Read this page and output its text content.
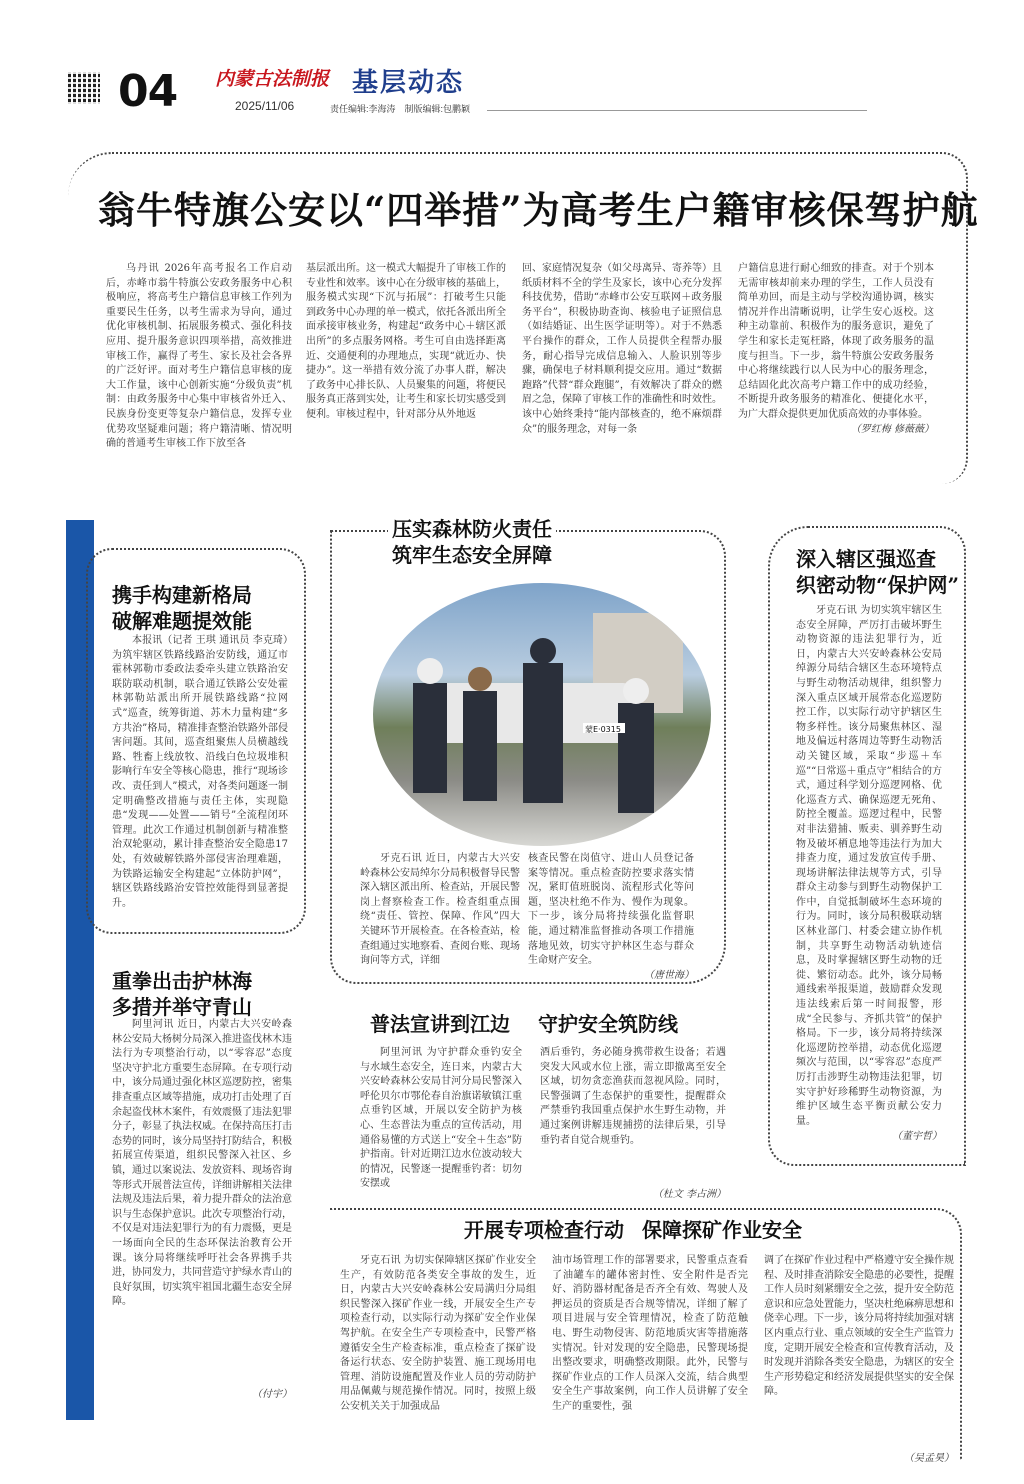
04 内蒙古法制报
2025/11/06
基层动态
责任编辑:李海涛　制版编辑:包鹏颖
翁牛特旗公安以“四举措”为高考生户籍审核保驾护航

乌丹讯 2026年高考报名工作启动后，赤峰市翁牛特旗公安政务服务中心积极响应，将高考生户籍信息审核工作列为重要民生任务，以考生需求为导向，通过优化审核机制、拓展服务模式、强化科技应用、提升服务意识四项举措，高效推进审核工作，赢得了考生、家长及社会各界的广泛好评。面对考生户籍信息审核的庞大工作量，该中心创新实施“分级负责”机制：由政务服务中心集中审核省外迁入、民族身份变更等复杂户籍信息，发挥专业优势攻坚疑难问题；将户籍清晰、情况明确的普通考生审核工作下放至各

基层派出所。这一模式大幅提升了审核工作的专业性和效率。该中心在分级审核的基础上，服务模式实现“下沉与拓展”：打破考生只能到政务中心办理的单一模式，依托各派出所全面承接审核业务，构建起“政务中心＋辖区派出所”的多点服务网格。考生可自由选择距离近、交通便利的办理地点，实现“就近办、快捷办”。这一举措有效分流了办事人群，解决了政务中心排长队、人员聚集的问题，将便民服务真正落到实处，让考生和家长切实感受到便利。审核过程中，针对部分从外地返

回、家庭情况复杂（如父母离异、寄养等）且纸质材料不全的学生及家长，该中心充分发挥科技优势，借助“赤峰市公安互联网＋政务服务平台”，积极协助查询、核验电子证照信息（如结婚证、出生医学证明等）。对于不熟悉平台操作的群众，工作人员提供全程帮办服务，耐心指导完成信息输入、人脸识别等步骤，确保电子材料顺利提交应用。通过“数据跑路”代替“群众跑腿”，有效解决了群众的燃眉之急，保障了审核工作的准确性和时效性。该中心始终秉持“能内部核查的，绝不麻烦群众”的服务理念，对每一条

户籍信息进行耐心细致的排查。对于个别本无需审核却前来办理的学生，工作人员没有简单劝回，而是主动与学校沟通协调，核实情况并作出清晰说明，让学生安心返校。这种主动靠前、积极作为的服务意识，避免了学生和家长走冤枉路，体现了政务服务的温度与担当。下一步，翁牛特旗公安政务服务中心将继续践行以人民为中心的服务理念，总结固化此次高考户籍工作中的成功经验，不断提升政务服务的精准化、便捷化水平，为广大群众提供更加优质高效的办事体验。

（罗红梅 修薇薇）
携手构建新格局
破解难题提效能

本报讯（记者 王琪 通讯员 李克琦）为筑牢辖区铁路线路治安防线，通辽市霍林郭勒市委政法委牵头建立铁路治安联防联动机制，联合通辽铁路公安处霍林郭勒站派出所开展铁路线路“拉网式”巡查，统筹街道、苏木力量构建“多方共治”格局，精准排查整治铁路外部侵害问题。其间，巡查组聚焦人员横越线路、牲畜上线放牧、沿线白色垃圾堆积影响行车安全等核心隐患，推行“现场诊改、责任到人”模式，对各类问题逐一制定明确整改措施与责任主体，实现隐患“发现——处置——销号”全流程闭环管理。此次工作通过机制创新与精准整治双轮驱动，累计排查整治安全隐患17处，有效破解铁路外部侵害治理难题，为铁路运输安全构建起“立体防护网”，辖区铁路线路治安管控效能得到显著提升。

重拳出击护林海
多措并举守青山

阿里河讯 近日，内蒙古大兴安岭森林公安局大杨树分局深入推进盗伐林木违法行为专项整治行动，以“零容忍”态度坚决守护北方重要生态屏障。在专项行动中，该分局通过强化林区巡逻防控，密集排查重点区域等措施，成功打击处理了百余起盗伐林木案件，有效震慑了违法犯罪分子，彰显了执法权威。在保持高压打击态势的同时，该分局坚持打防结合，积极拓展宣传渠道，组织民警深入社区、乡镇，通过以案说法、发放资料、现场咨询等形式开展普法宣传，详细讲解相关法律法规及违法后果，着力提升群众的法治意识与生态保护意识。此次专项整治行动，不仅是对违法犯罪行为的有力震慑，更是一场面向全民的生态环保法治教育公开课。该分局将继续呼吁社会各界携手共进，协同发力，共同营造守护绿水青山的良好氛围，切实筑牢祖国北疆生态安全屏障。

（付宇）
压实森林防火责任
筑牢生态安全屏障
蒙E·0315

牙克石讯 近日，内蒙古大兴安岭森林公安局绰尔分局积极督导民警深入辖区派出所、检查站，开展民警岗上督察检查工作。检查组重点围绕“责任、管控、保障、作风”四大关键环节开展检查。在各检查站，检查组通过实地察看、查阅台账、现场询问等方式，详细

核查民警在岗值守、进山人员登记备案等情况。重点检查防控要求落实情况，紧盯值班脱岗、流程形式化等问题，坚决杜绝不作为、慢作为现象。下一步，该分局将持续强化监督职能，通过精准监督推动各项工作措施落地见效，切实守护林区生态与群众生命财产安全。

（唐世海）
普法宣讲到江边 守护安全筑防线

阿里河讯 为守护群众垂钓安全与水域生态安全，连日来，内蒙古大兴安岭森林公安局甘河分局民警深入呼伦贝尔市鄂伦春自治旗诺敏镇江重点垂钓区域，开展以安全防护为核心、生态普法为重点的宣传活动，用通俗易懂的方式送上“安全＋生态”防护指南。针对近期江边水位波动较大的情况，民警逐一提醒垂钓者：切勿安摆或

酒后垂钓，务必随身携带救生设备；若遇突发大风或水位上涨，需立即撤离至安全区域，切勿贪恋渔获而忽视风险。同时，民警强调了生态保护的重要性，提醒群众严禁垂钓我国重点保护水生野生动物，并通过案例讲解违规捕捞的法律后果，引导垂钓者自觉合规垂钓。

（杜文 李占洲）
深入辖区强巡查
织密动物“保护网”

牙克石讯 为切实筑牢辖区生态安全屏障，严厉打击破坏野生动物资源的违法犯罪行为，近日，内蒙古大兴安岭森林公安局绰源分局结合辖区生态环境特点与野生动物活动规律，组织警力深入重点区域开展常态化巡逻防控工作，以实际行动守护辖区生物多样性。该分局聚焦林区、湿地及偏远村落周边等野生动物活动关键区域，采取“步巡＋车巡”“日常巡＋重点守”相结合的方式，通过科学划分巡逻网格、优化巡查方式、确保巡逻无死角、防控全覆盖。巡逻过程中，民警对非法猎捕、贩卖、驯养野生动物及破坏栖息地等违法行为加大排查力度，通过发放宣传手册、现场讲解法律法规等方式，引导群众主动参与到野生动物保护工作中，自觉抵制破坏生态环境的行为。同时，该分局积极联动辖区林业部门、村委会建立协作机制，共享野生动物活动轨迹信息，及时掌握辖区野生动物的迁徙、繁衍动态。此外，该分局畅通线索举报渠道，鼓励群众发现违法线索后第一时间报警，形成“全民参与、齐抓共管”的保护格局。下一步，该分局将持续深化巡逻防控举措，动态优化巡逻频次与范围，以“零容忍”态度严厉打击涉野生动物违法犯罪，切实守护好珍稀野生动物资源，为维护区域生态平衡贡献公安力量。

（董宇哲）
开展专项检查行动 保障探矿作业安全

牙克石讯 为切实保障辖区探矿作业安全生产，有效防范各类安全事故的发生，近日，内蒙古大兴安岭森林公安局满归分局组织民警深入探矿作业一线，开展安全生产专项检查行动，以实际行动为探矿安全作业保驾护航。在安全生产专项检查中，民警严格遵循安全生产检查标准，重点检查了探矿设备运行状态、安全防护装置、施工现场用电管理、消防设施配置及作业人员的劳动防护用品佩戴与规范操作情况。同时，按照上级公安机关关于加强成品

油市场管理工作的部署要求，民警重点查看了油罐车的罐体密封性、安全附件是否完好、消防器材配备是否齐全有效、驾驶人及押运员的资质是否合规等情况，详细了解了项目进展与安全管理情况，检查了防范触电、野生动物侵害、防范地质灾害等措施落实情况。针对发现的安全隐患，民警现场提出整改要求，明确整改期限。此外，民警与探矿作业点的工作人员深入交流，结合典型安全生产事故案例，向工作人员讲解了安全生产的重要性，强

调了在探矿作业过程中严格遵守安全操作规程、及时排查消除安全隐患的必要性，提醒工作人员时刻紧绷安全之弦，提升安全防范意识和应急处置能力，坚决杜绝麻痹思想和侥幸心理。下一步，该分局将持续加强对辖区内重点行业、重点领域的安全生产监管力度，定期开展安全检查和宣传教育活动，及时发现并消除各类安全隐患，为辖区的安全生产形势稳定和经济发展提供坚实的安全保障。

（吴孟昊）
